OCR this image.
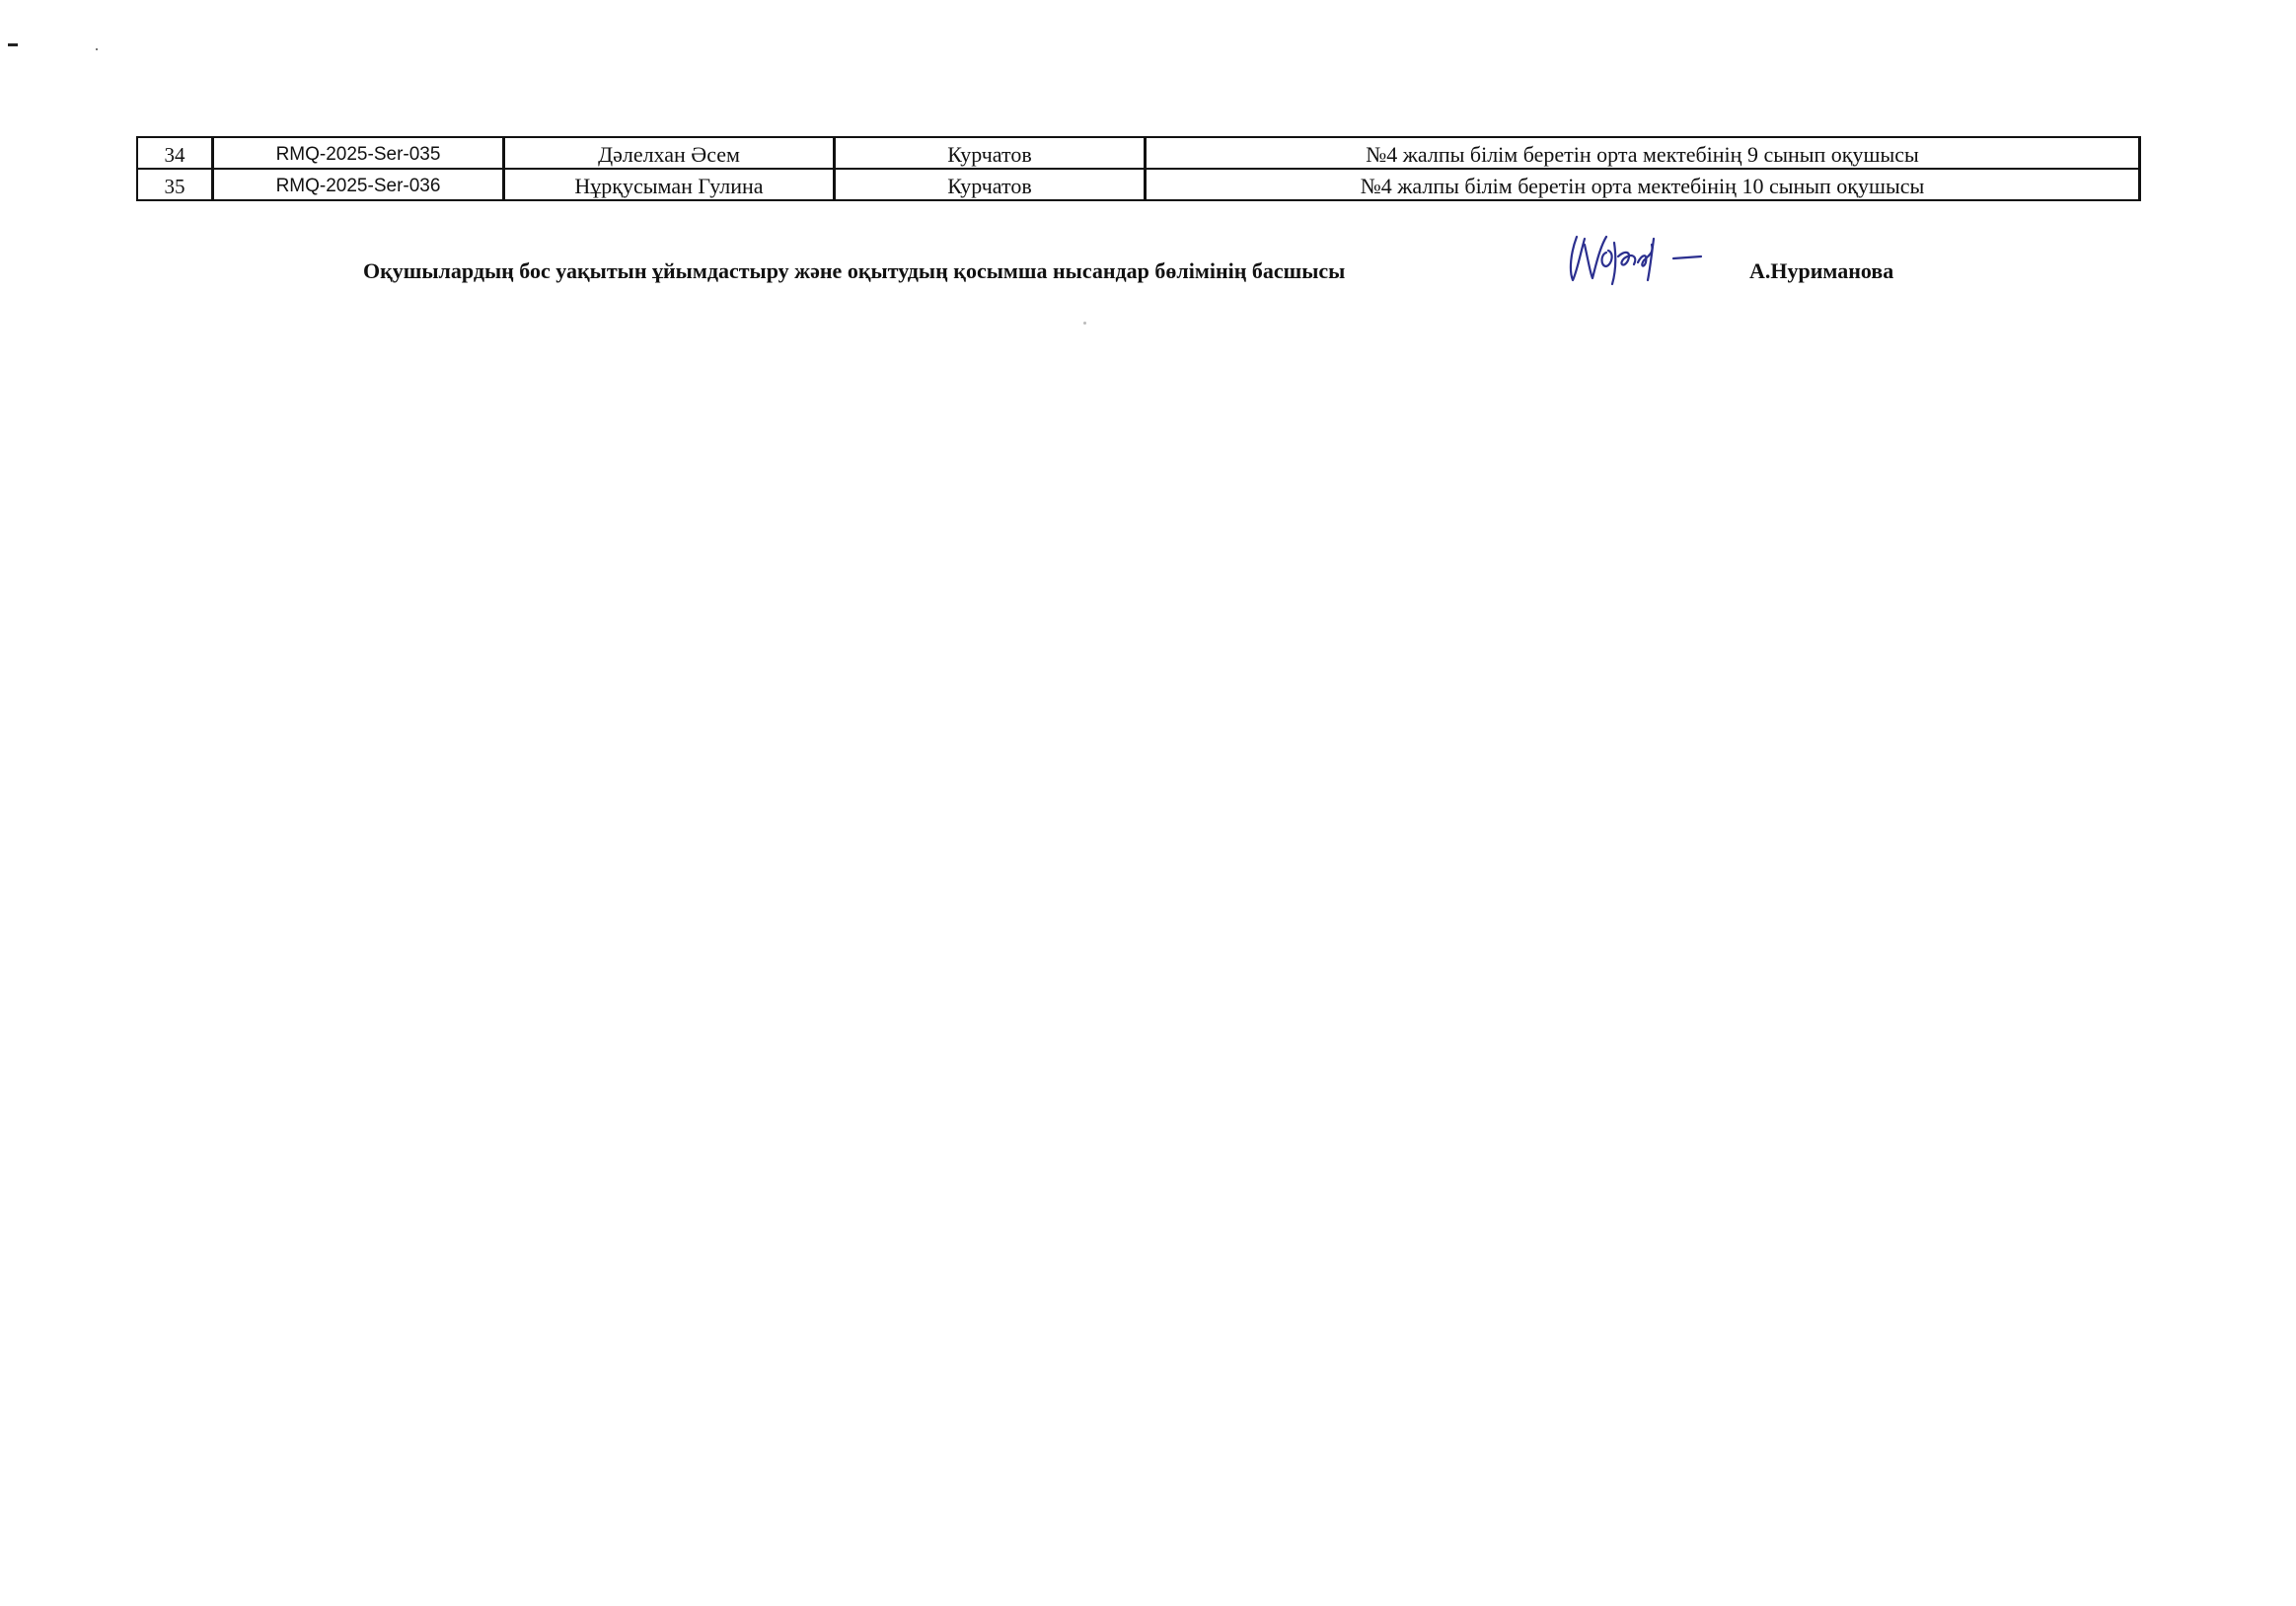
34	RMQ-2025-Ser-035	Дәлелхан Әсем	Курчатов	№4 жалпы білім беретін орта мектебінің 9 сынып оқушысы
35	RMQ-2025-Ser-036	Нұрқусыман Гулина	Курчатов	№4 жалпы білім беретін орта мектебінің 10 сынып оқушысы
Оқушылардың бос уақытын ұйымдастыру және оқытудың қосымша нысандар бөлімінің басшысы	А.Нуриманова
